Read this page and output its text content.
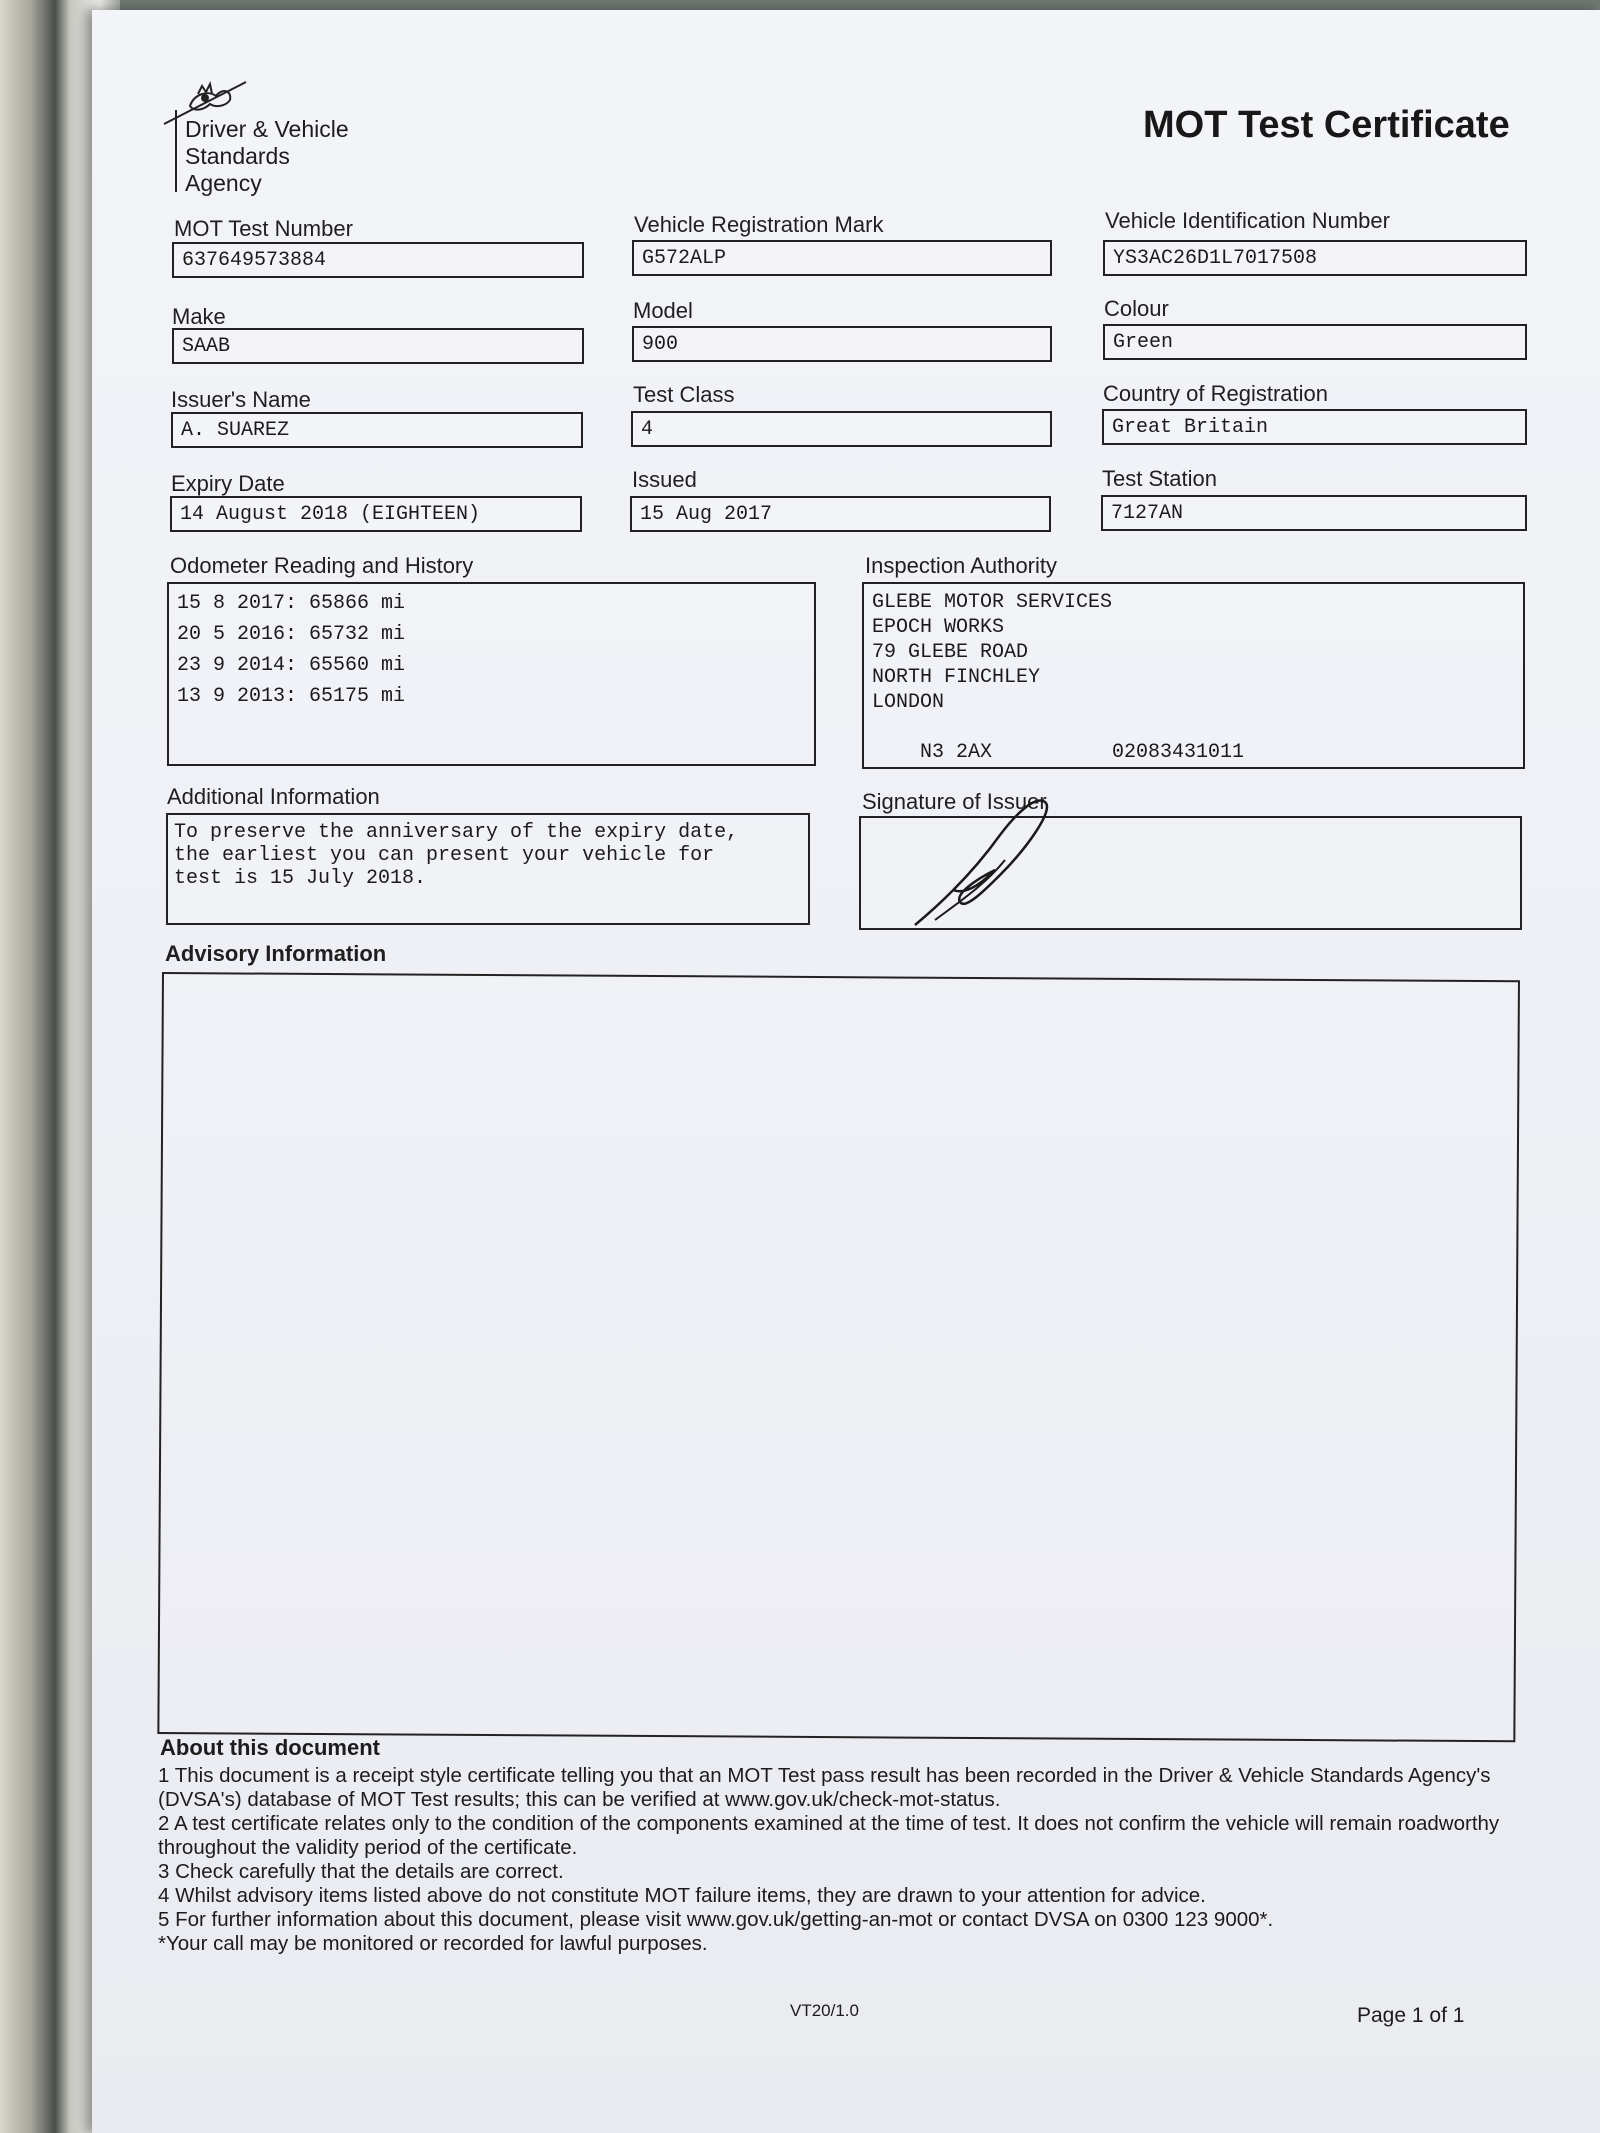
Driver & Vehicle
Standards
Agency
MOT Test Certificate
MOT Test Number
637649573884
Vehicle Registration Mark
G572ALP
Vehicle Identification Number
YS3AC26D1L7017508
Make
SAAB
Model
900
Colour
Green
Issuer's Name
A. SUAREZ
Test Class
4
Country of Registration
Great Britain
Expiry Date
14 August 2018 (EIGHTEEN)
Issued
15 Aug 2017
Test Station
7127AN
Odometer Reading and History
15 8 2017: 65866 mi
20 5 2016: 65732 mi
23 9 2014: 65560 mi
13 9 2013: 65175 mi
Inspection Authority
GLEBE MOTOR SERVICES
EPOCH WORKS
79 GLEBE ROAD
NORTH FINCHLEY
LONDON

N3 2AX	02083431011

Additional Information
To preserve the anniversary of the expiry date,
the earliest you can present your vehicle for
test is 15 July 2018.
Signature of Issuer
Advisory Information
About this document

1 This document is a receipt style certificate telling you that an MOT Test pass result has been recorded in the Driver & Vehicle Standards Agency's (DVSA's) database of MOT Test results; this can be verified at www.gov.uk/check-mot-status.

2 A test certificate relates only to the condition of the components examined at the time of test. It does not confirm the vehicle will remain roadworthy throughout the validity period of the certificate.

3 Check carefully that the details are correct.

4 Whilst advisory items listed above do not constitute MOT failure items, they are drawn to your attention for advice.

5 For further information about this document, please visit www.gov.uk/getting-an-mot or contact DVSA on 0300 123 9000*.

*Your call may be monitored or recorded for lawful purposes.

VT20/1.0	Page 1 of 1
